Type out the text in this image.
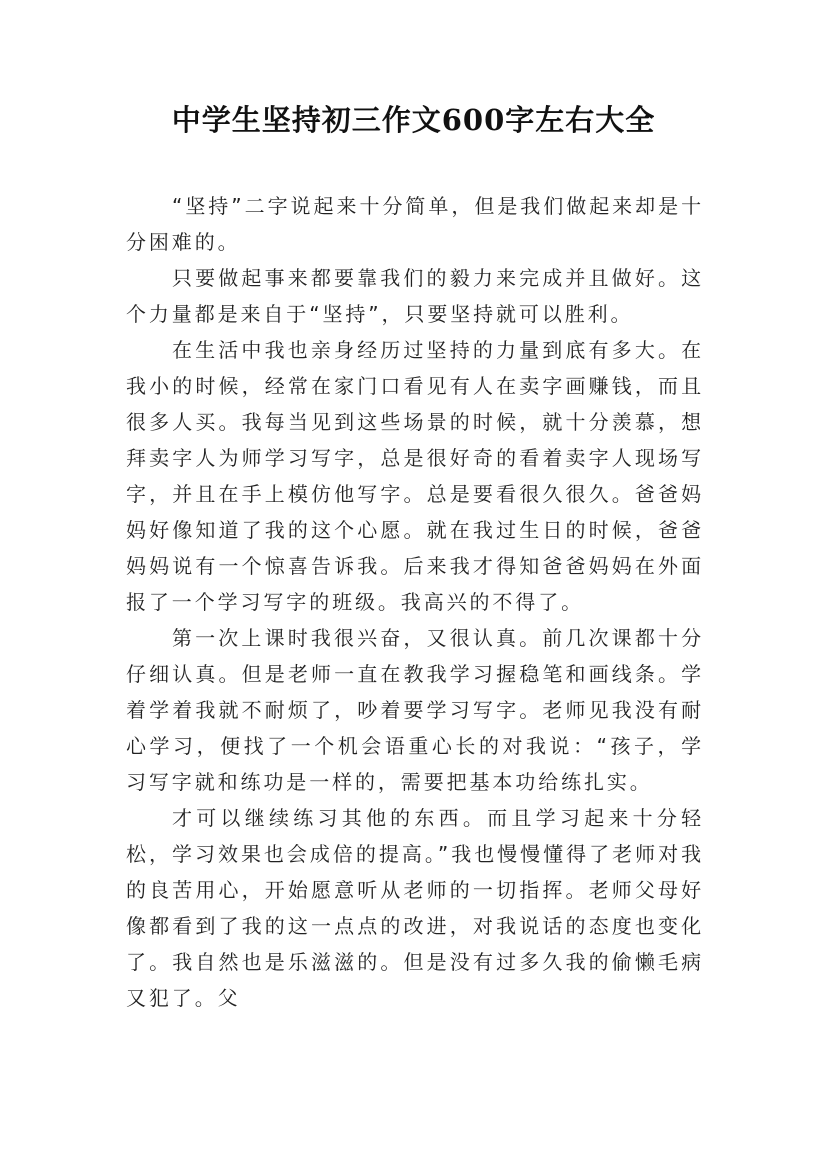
中学生坚持初三作文600字左右大全

“坚持”二字说起来十分简单，但是我们做起来却是十分困难的。

只要做起事来都要靠我们的毅力来完成并且做好。这个力量都是来自于“坚持”，只要坚持就可以胜利。

在生活中我也亲身经历过坚持的力量到底有多大。在我小的时候，经常在家门口看见有人在卖字画赚钱，而且很多人买。我每当见到这些场景的时候，就十分羡慕，想拜卖字人为师学习写字，总是很好奇的看着卖字人现场写字，并且在手上模仿他写字。总是要看很久很久。爸爸妈妈好像知道了我的这个心愿。就在我过生日的时候，爸爸妈妈说有一个惊喜告诉我。后来我才得知爸爸妈妈在外面报了一个学习写字的班级。我高兴的不得了。

第一次上课时我很兴奋，又很认真。前几次课都十分仔细认真。但是老师一直在教我学习握稳笔和画线条。学着学着我就不耐烦了，吵着要学习写字。老师见我没有耐心学习，便找了一个机会语重心长的对我说：“孩子，学习写字就和练功是一样的，需要把基本功给练扎实。

才可以继续练习其他的东西。而且学习起来十分轻松，学习效果也会成倍的提高。”我也慢慢懂得了老师对我的良苦用心，开始愿意听从老师的一切指挥。老师父母好像都看到了我的这一点点的改进，对我说话的态度也变化了。我自然也是乐滋滋的。但是没有过多久我的偷懒毛病又犯了。父
